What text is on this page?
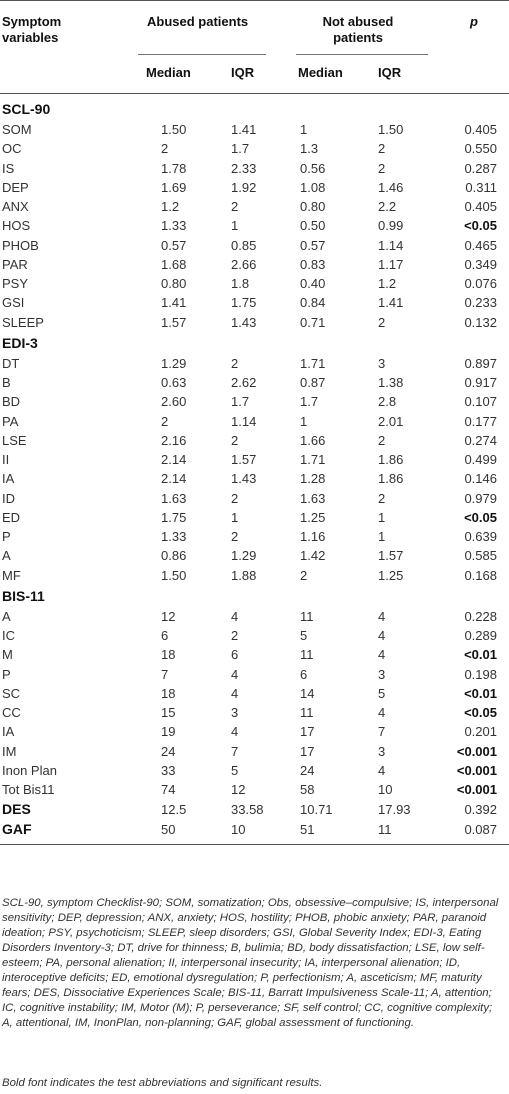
Symptom variables
Abused patients	Not abused patients
p
Median	IQR	Median	IQR
SCL-90
SOM	1.50	1.41	1	1.50	0.405
OC	2	1.7	1.3	2	0.550
IS	1.78	2.33	0.56	2	0.287
DEP	1.69	1.92	1.08	1.46	0.311
ANX	1.2	2	0.80	2.2	0.405
HOS	1.33	1	0.50	0.99	<0.05
PHOB	0.57	0.85	0.57	1.14	0.465
PAR	1.68	2.66	0.83	1.17	0.349
PSY	0.80	1.8	0.40	1.2	0.076
GSI	1.41	1.75	0.84	1.41	0.233
SLEEP	1.57	1.43	0.71	2	0.132
EDI-3
DT	1.29	2	1.71	3	0.897
B	0.63	2.62	0.87	1.38	0.917
BD	2.60	1.7	1.7	2.8	0.107
PA	2	1.14	1	2.01	0.177
LSE	2.16	2	1.66	2	0.274
II	2.14	1.57	1.71	1.86	0.499
IA	2.14	1.43	1.28	1.86	0.146
ID	1.63	2	1.63	2	0.979
ED	1.75	1	1.25	1	<0.05
P	1.33	2	1.16	1	0.639
A	0.86	1.29	1.42	1.57	0.585
MF	1.50	1.88	2	1.25	0.168
BIS-11
A	12	4	11	4	0.228
IC	6	2	5	4	0.289
M	18	6	11	4	<0.01
P	7	4	6	3	0.198
SC	18	4	14	5	<0.01
CC	15	3	11	4	<0.05
IA	19	4	17	7	0.201
IM	24	7	17	3	<0.001
Inon Plan	33	5	24	4	<0.001
Tot Bis11	74	12	58	10	<0.001
DES	12.5	33.58	10.71	17.93	0.392
GAF	50	10	51	11	0.087
SCL-90, symptom Checklist-90; SOM, somatization; Obs, obsessive–compulsive; IS, interpersonal sensitivity; DEP, depression; ANX, anxiety; HOS, hostility; PHOB, phobic anxiety; PAR, paranoid ideation; PSY, psychoticism; SLEEP, sleep disorders; GSI, Global Severity Index; EDI-3, Eating Disorders Inventory-3; DT, drive for thinness; B, bulimia; BD, body dissatisfaction; LSE, low self-esteem; PA, personal alienation; II, interpersonal insecurity; IA, interpersonal alienation; ID, interoceptive deficits; ED, emotional dysregulation; P, perfectionism; A, asceticism; MF, maturity fears; DES, Dissociative Experiences Scale; BIS-11, Barratt Impulsiveness Scale-11; A, attention; IC, cognitive instability; IM, Motor (M); P, perseverance; SF, self control; CC, cognitive complexity; A, attentional, IM, InonPlan, non-planning; GAF, global assessment of functioning.
Bold font indicates the test abbreviations and significant results.
